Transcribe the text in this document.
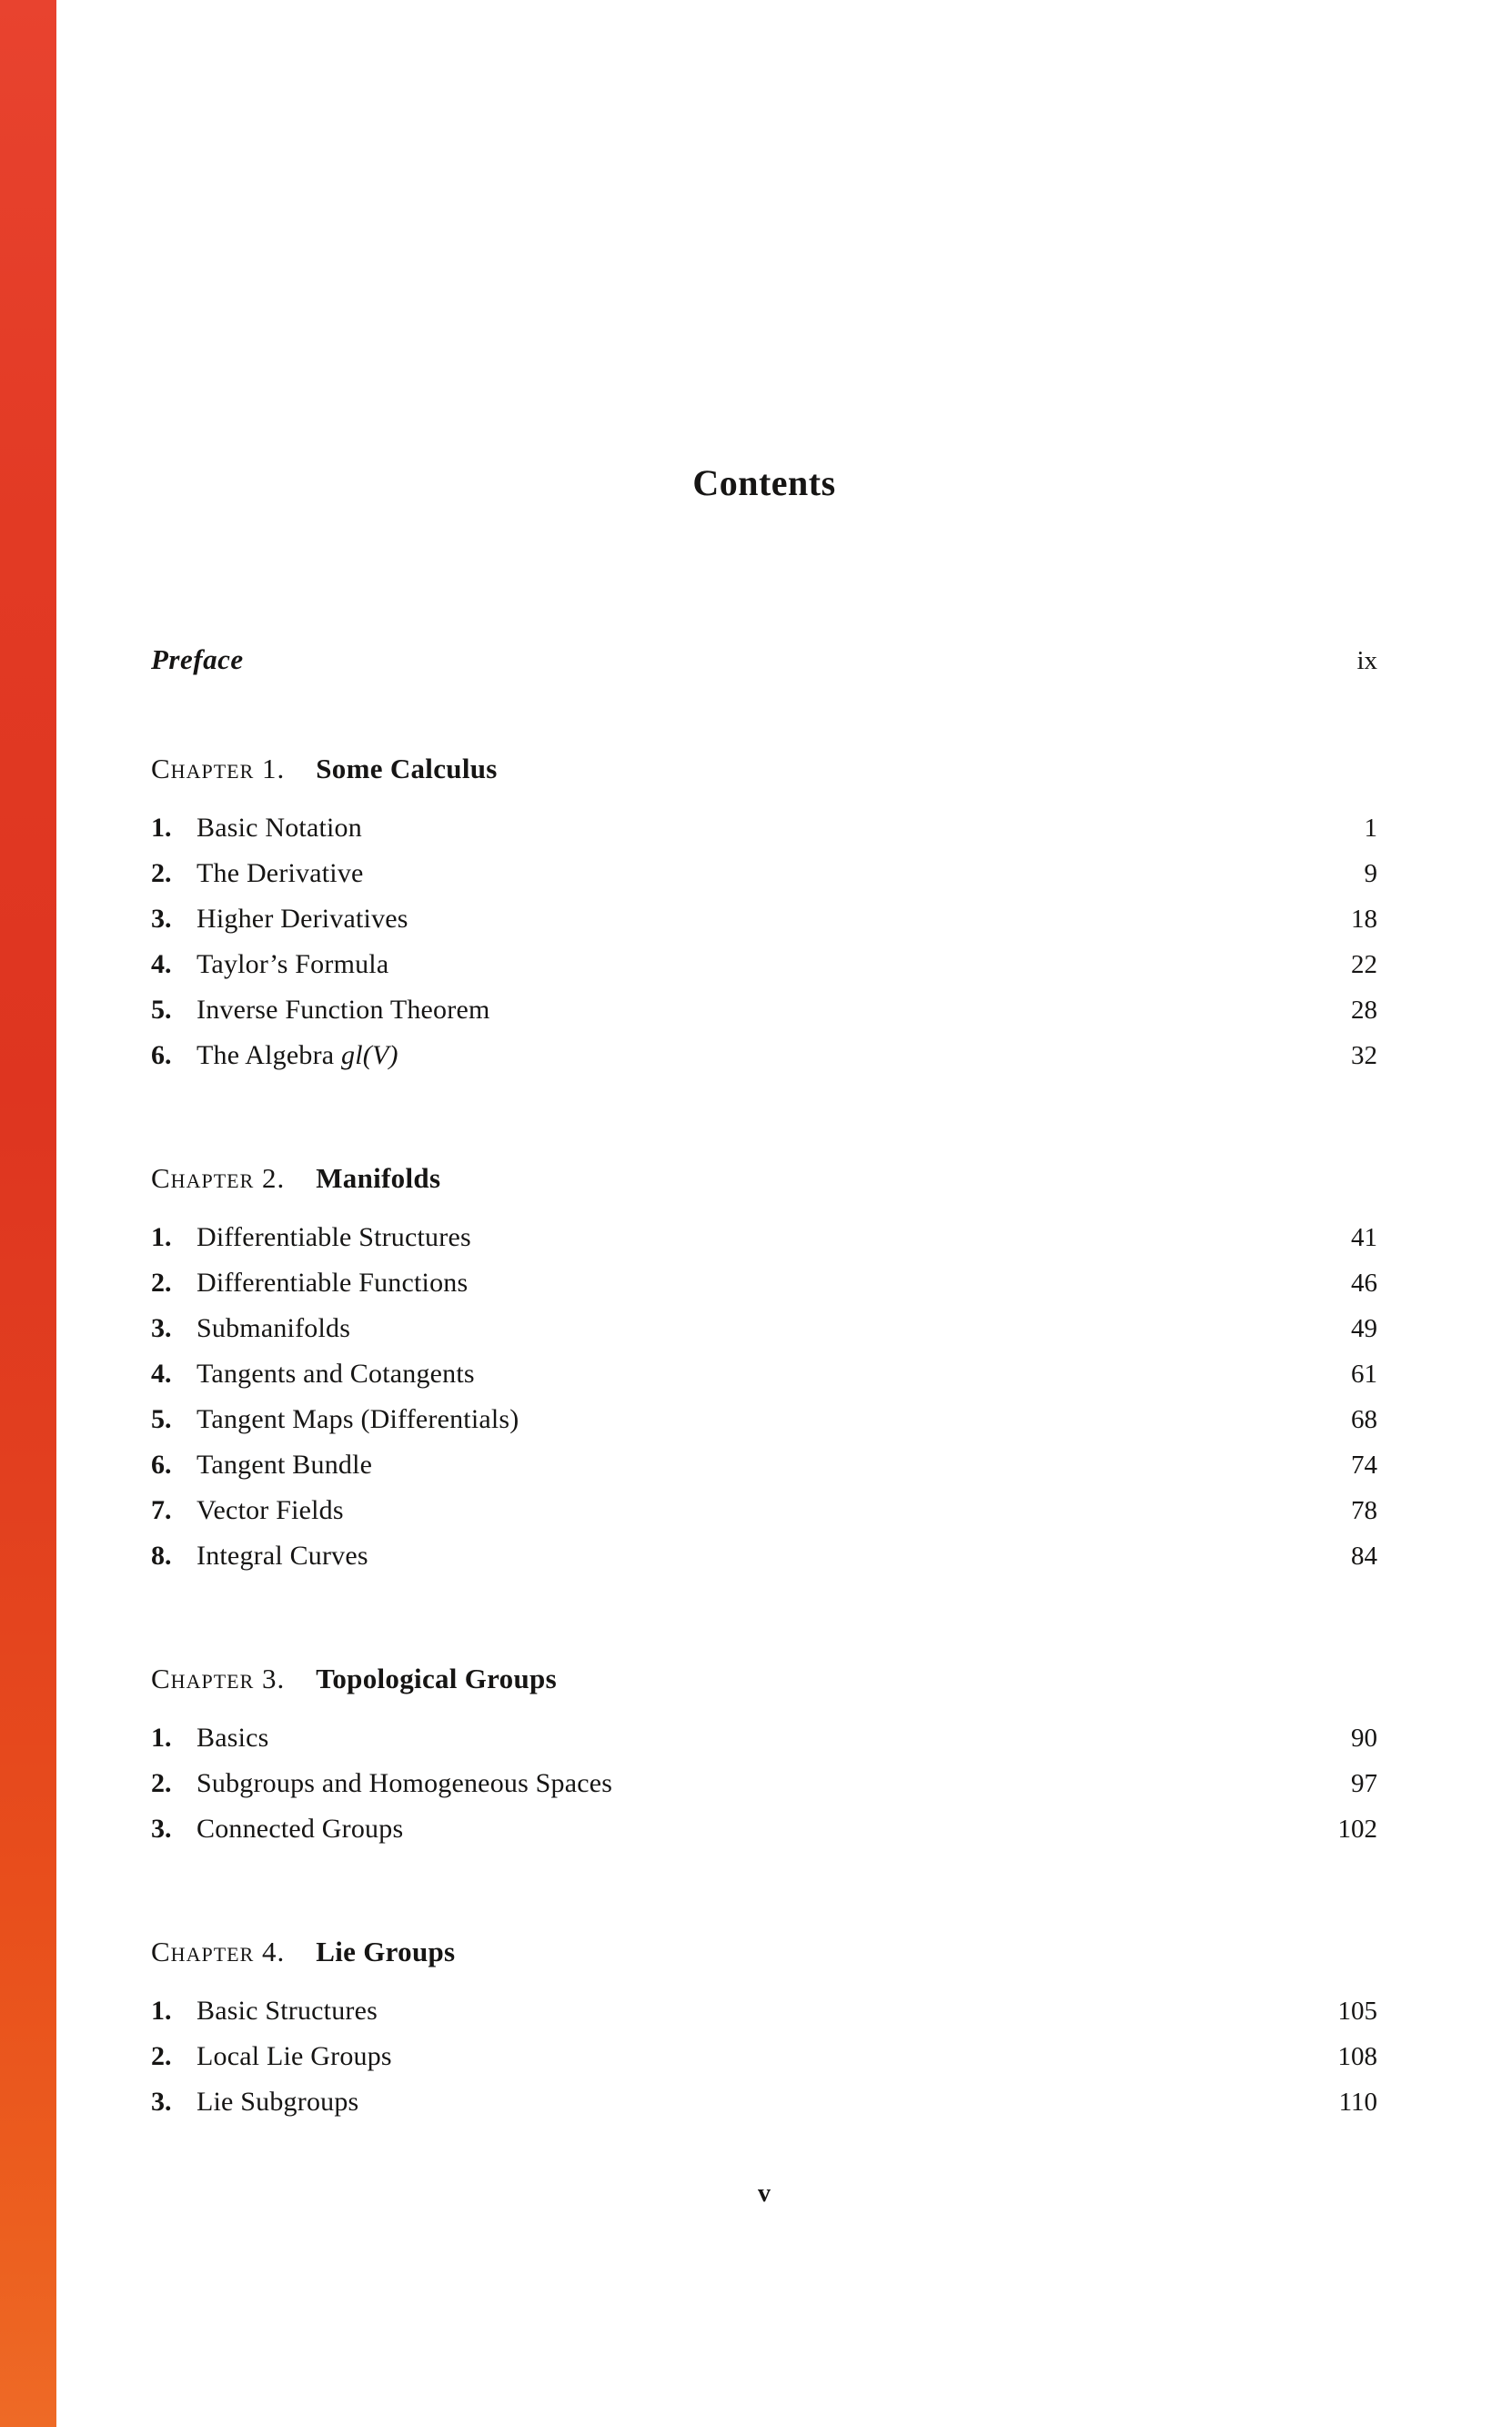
Contents
Preface	ix
Chapter 1. Some Calculus
1. Basic Notation	1
2. The Derivative	9
3. Higher Derivatives	18
4. Taylor’s Formula	22
5. Inverse Function Theorem	28
6. The Algebra gl(V)	32
Chapter 2. Manifolds
1. Differentiable Structures	41
2. Differentiable Functions	46
3. Submanifolds	49
4. Tangents and Cotangents	61
5. Tangent Maps (Differentials)	68
6. Tangent Bundle	74
7. Vector Fields	78
8. Integral Curves	84
Chapter 3. Topological Groups
1. Basics	90
2. Subgroups and Homogeneous Spaces	97
3. Connected Groups	102
Chapter 4. Lie Groups
1. Basic Structures	105
2. Local Lie Groups	108
3. Lie Subgroups	110
v
